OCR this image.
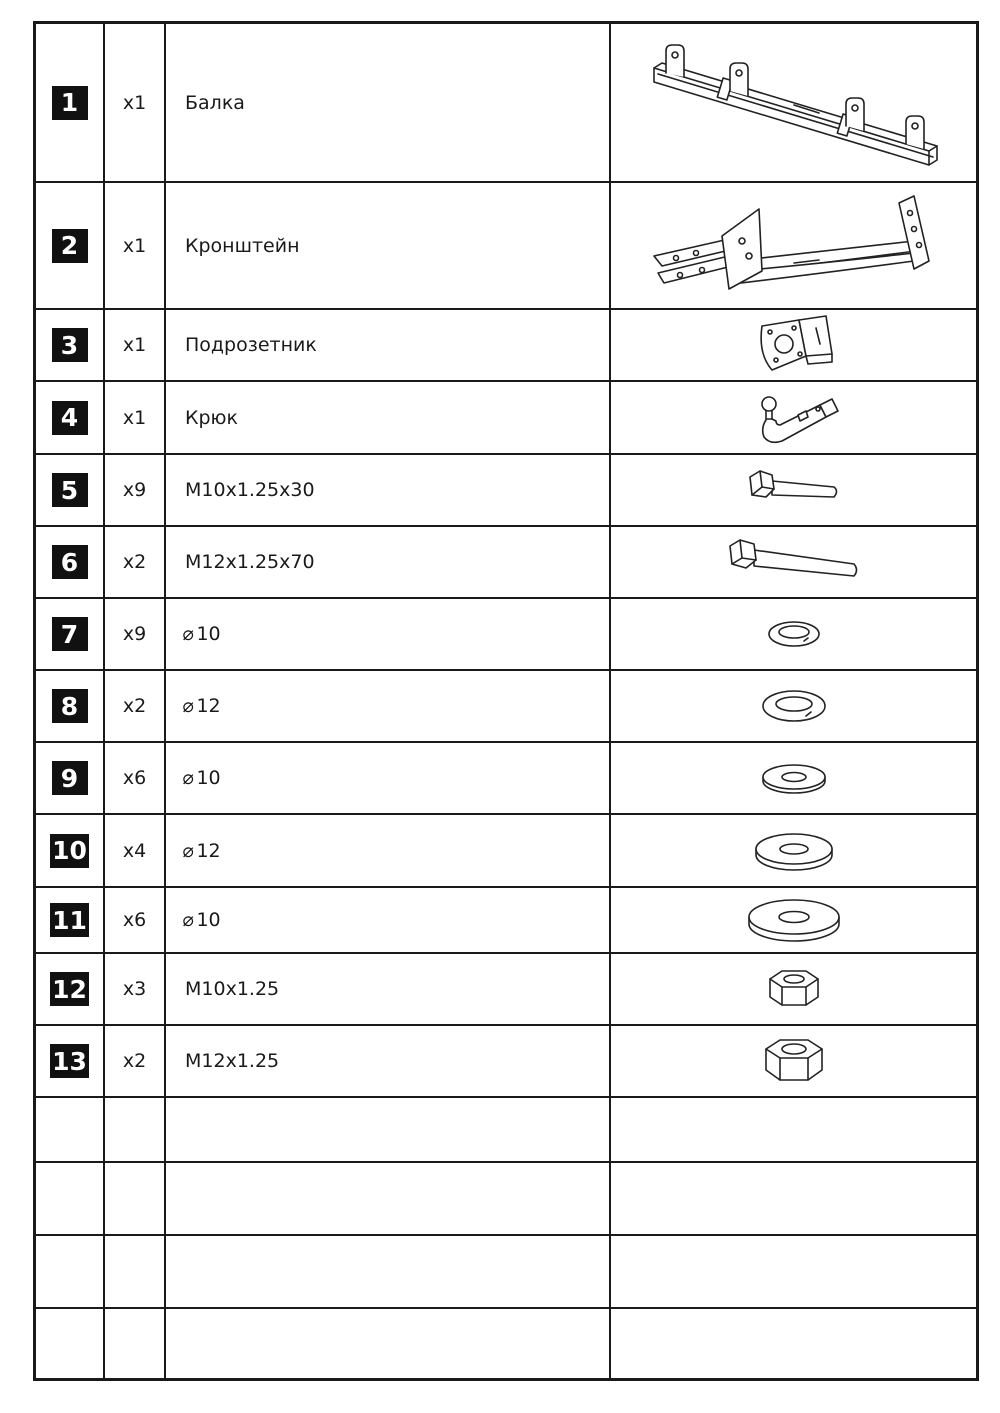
1	x1	Балка
2	x1	Кронштейн
3	x1	Подрозетник
4	x1	Крюк
5	x9	M10x1.25x30
6	x2	M12x1.25x70
7	x9	⌀ 10
8	x2	⌀ 12
9	x6	⌀ 10
10	x4	⌀ 12
11	x6	⌀ 10
12	x3	M10x1.25
13	x2	M12x1.25
